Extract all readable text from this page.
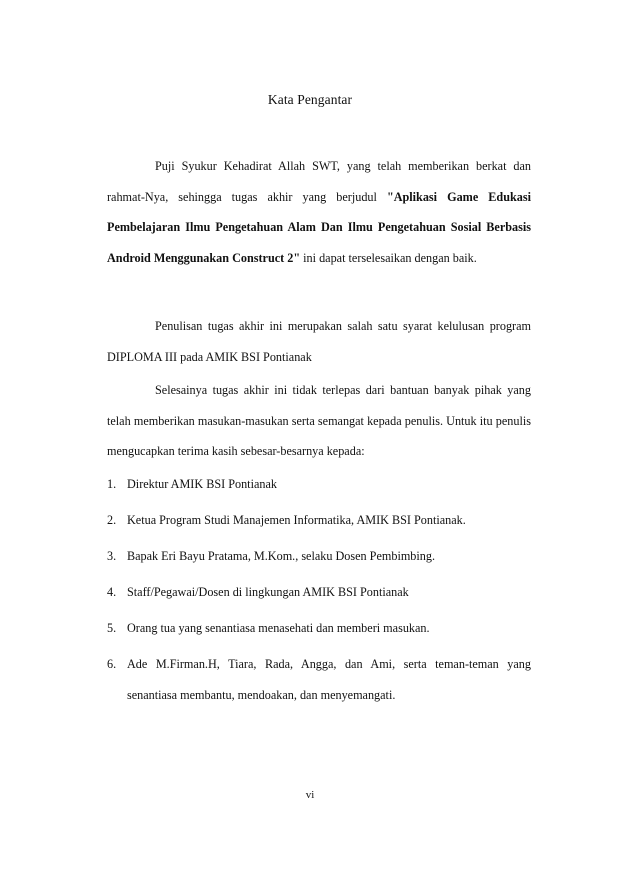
Kata Pengantar

Puji Syukur Kehadirat Allah SWT, yang telah memberikan berkat dan rahmat-Nya, sehingga tugas akhir yang berjudul "Aplikasi Game Edukasi Pembelajaran Ilmu Pengetahuan Alam Dan Ilmu Pengetahuan Sosial Berbasis Android Menggunakan Construct 2" ini dapat terselesaikan dengan baik.

Penulisan tugas akhir ini merupakan salah satu syarat kelulusan program DIPLOMA III pada AMIK BSI Pontianak

Selesainya tugas akhir ini tidak terlepas dari bantuan banyak pihak yang telah memberikan masukan-masukan serta semangat kepada penulis. Untuk itu penulis mengucapkan terima kasih sebesar-besarnya kepada:

1. Direktur AMIK BSI Pontianak
2. Ketua Program Studi Manajemen Informatika, AMIK BSI Pontianak.
3. Bapak Eri Bayu Pratama, M.Kom., selaku Dosen Pembimbing.
4. Staff/Pegawai/Dosen di lingkungan AMIK BSI Pontianak
5. Orang tua yang senantiasa menasehati dan memberi masukan.
6. Ade M.Firman.H, Tiara, Rada, Angga, dan Ami, serta teman-teman yang senantiasa membantu, mendoakan, dan menyemangati.
vi
